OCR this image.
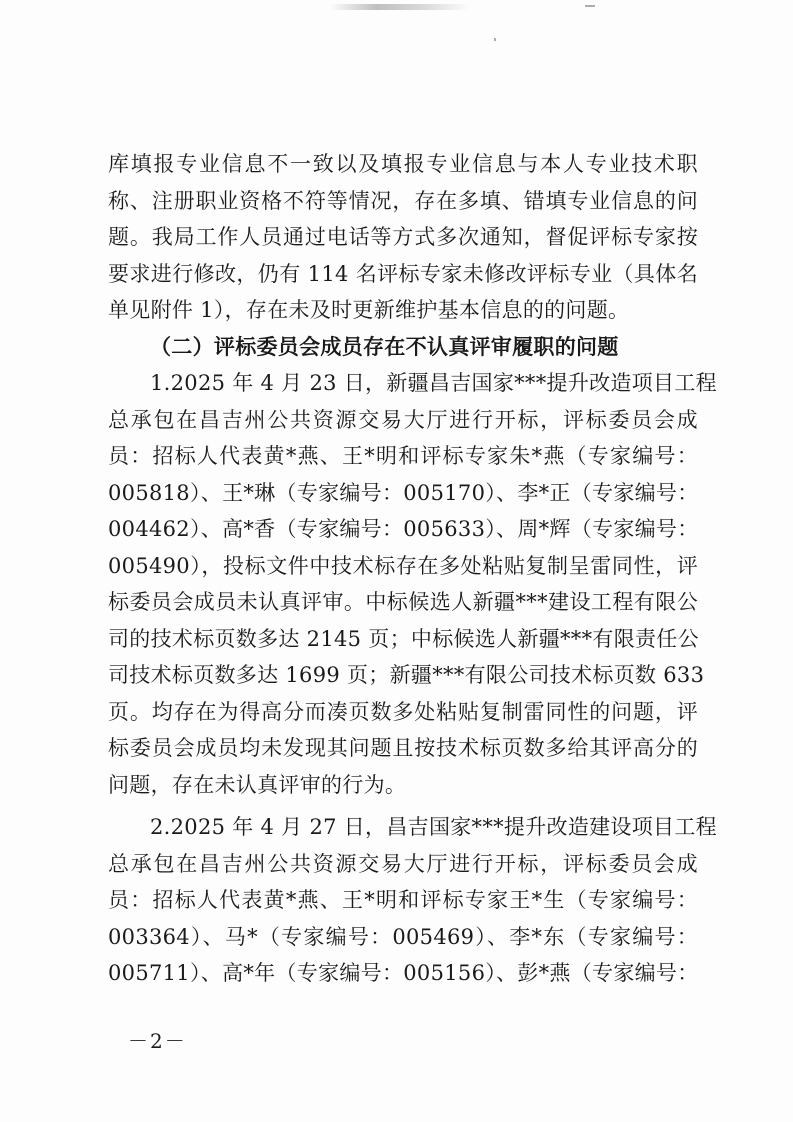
库填报专业信息不一致以及填报专业信息与本人专业技术职
称、注册职业资格不符等情况，存在多填、错填专业信息的问
题。我局工作人员通过电话等方式多次通知，督促评标专家按
要求进行修改，仍有 114 名评标专家未修改评标专业（具体名
单见附件 1），存在未及时更新维护基本信息的的问题。
（二）评标委员会成员存在不认真评审履职的问题
1.2025 年 4 月 23 日，新疆昌吉国家***提升改造项目工程
总承包在昌吉州公共资源交易大厅进行开标，评标委员会成
员：招标人代表黄*燕、王*明和评标专家朱*燕（专家编号：
005818）、王*琳（专家编号：005170）、李*正（专家编号：
004462）、高*香（专家编号：005633）、周*辉（专家编号：
005490），投标文件中技术标存在多处粘贴复制呈雷同性，评
标委员会成员未认真评审。中标候选人新疆***建设工程有限公
司的技术标页数多达 2145 页；中标候选人新疆***有限责任公
司技术标页数多达 1699 页；新疆***有限公司技术标页数 633
页。均存在为得高分而凑页数多处粘贴复制雷同性的问题，评
标委员会成员均未发现其问题且按技术标页数多给其评高分的
问题，存在未认真评审的行为。
2.2025 年 4 月 27 日，昌吉国家***提升改造建设项目工程
总承包在昌吉州公共资源交易大厅进行开标，评标委员会成
员：招标人代表黄*燕、王*明和评标专家王*生（专家编号：
003364）、马*（专家编号：005469）、李*东（专家编号：
005711）、高*年（专家编号：005156）、彭*燕（专家编号：
－2－
